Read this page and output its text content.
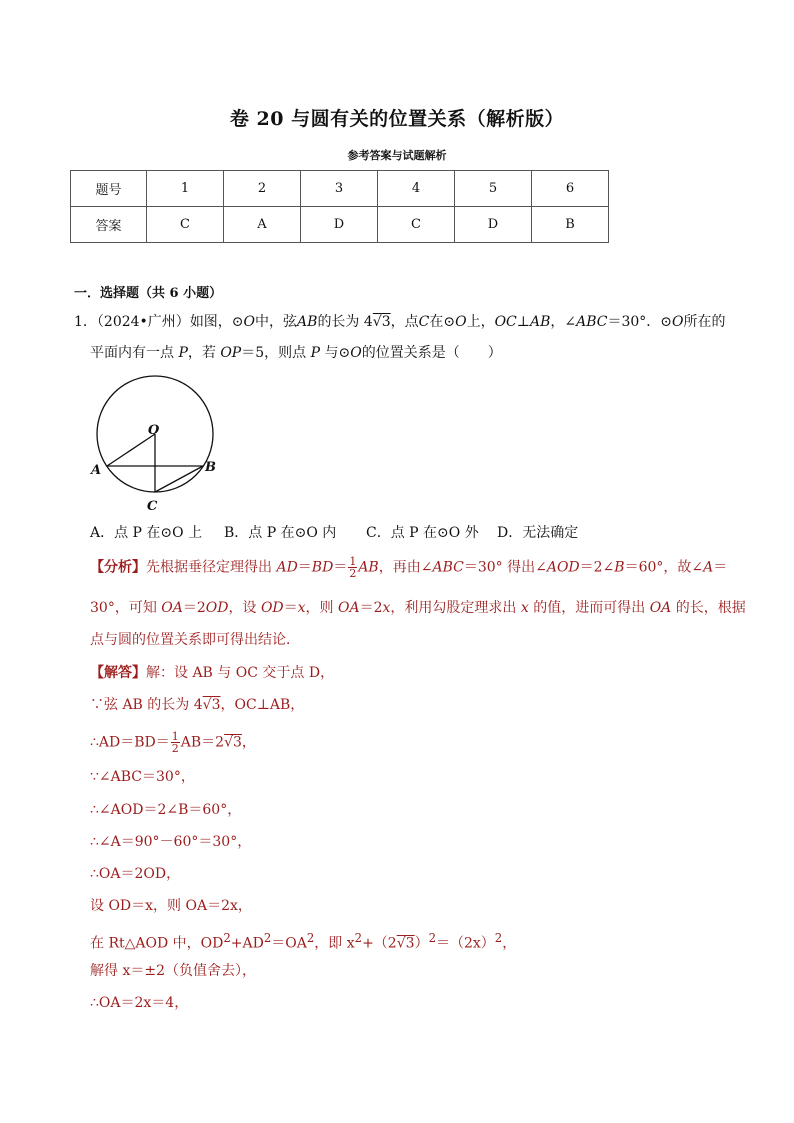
卷 20 与圆有关的位置关系（解析版）
参考答案与试题解析
题号	1	2	3	4	5	6
答案	C	A	D	C	D	B
一．选择题（共 6 小题）
1．（2024•广州）如图，⊙O中，弦AB的长为 4√3，点C在⊙O上，OC⊥AB，∠ABC＝30°．⊙O所在的
平面内有一点 P，若 OP＝5，则点 P 与⊙O的位置关系是（　　）
O
A	B
C
A．点 P 在⊙O 上 B．点 P 在⊙O 内 C．点 P 在⊙O 外 D．无法确定
【分析】先根据垂径定理得出 $AD=BD= \frac{1}{2}$ AB，再由∠ABC＝30° 得出∠AOD＝2∠B＝60°，故∠A＝
30°，可知 OA＝2OD，设 OD＝x，则 OA＝2x，利用勾股定理求出 x 的值，进而可得出 OA 的长，根据
点与圆的位置关系即可得出结论．
【解答】解：设 AB 与 OC 交于点 D，
∵弦 AB 的长为 4√3，OC⊥AB，
∴AD＝BD＝ $\frac{1}{2} AB=2√3$，
∵∠ABC＝30°，
∴∠AOD＝2∠B＝60°，
∴∠A＝90°－60°＝30°，
∴OA＝2OD，
设 OD＝x，则 OA＝2x，
在 Rt△AOD 中，$OD^2+AD^2=OA^2$，即 $x^2+(2√3)^2=(2x)^2$，
解得 x＝±2（负值舍去），
∴OA＝2x＝4，
